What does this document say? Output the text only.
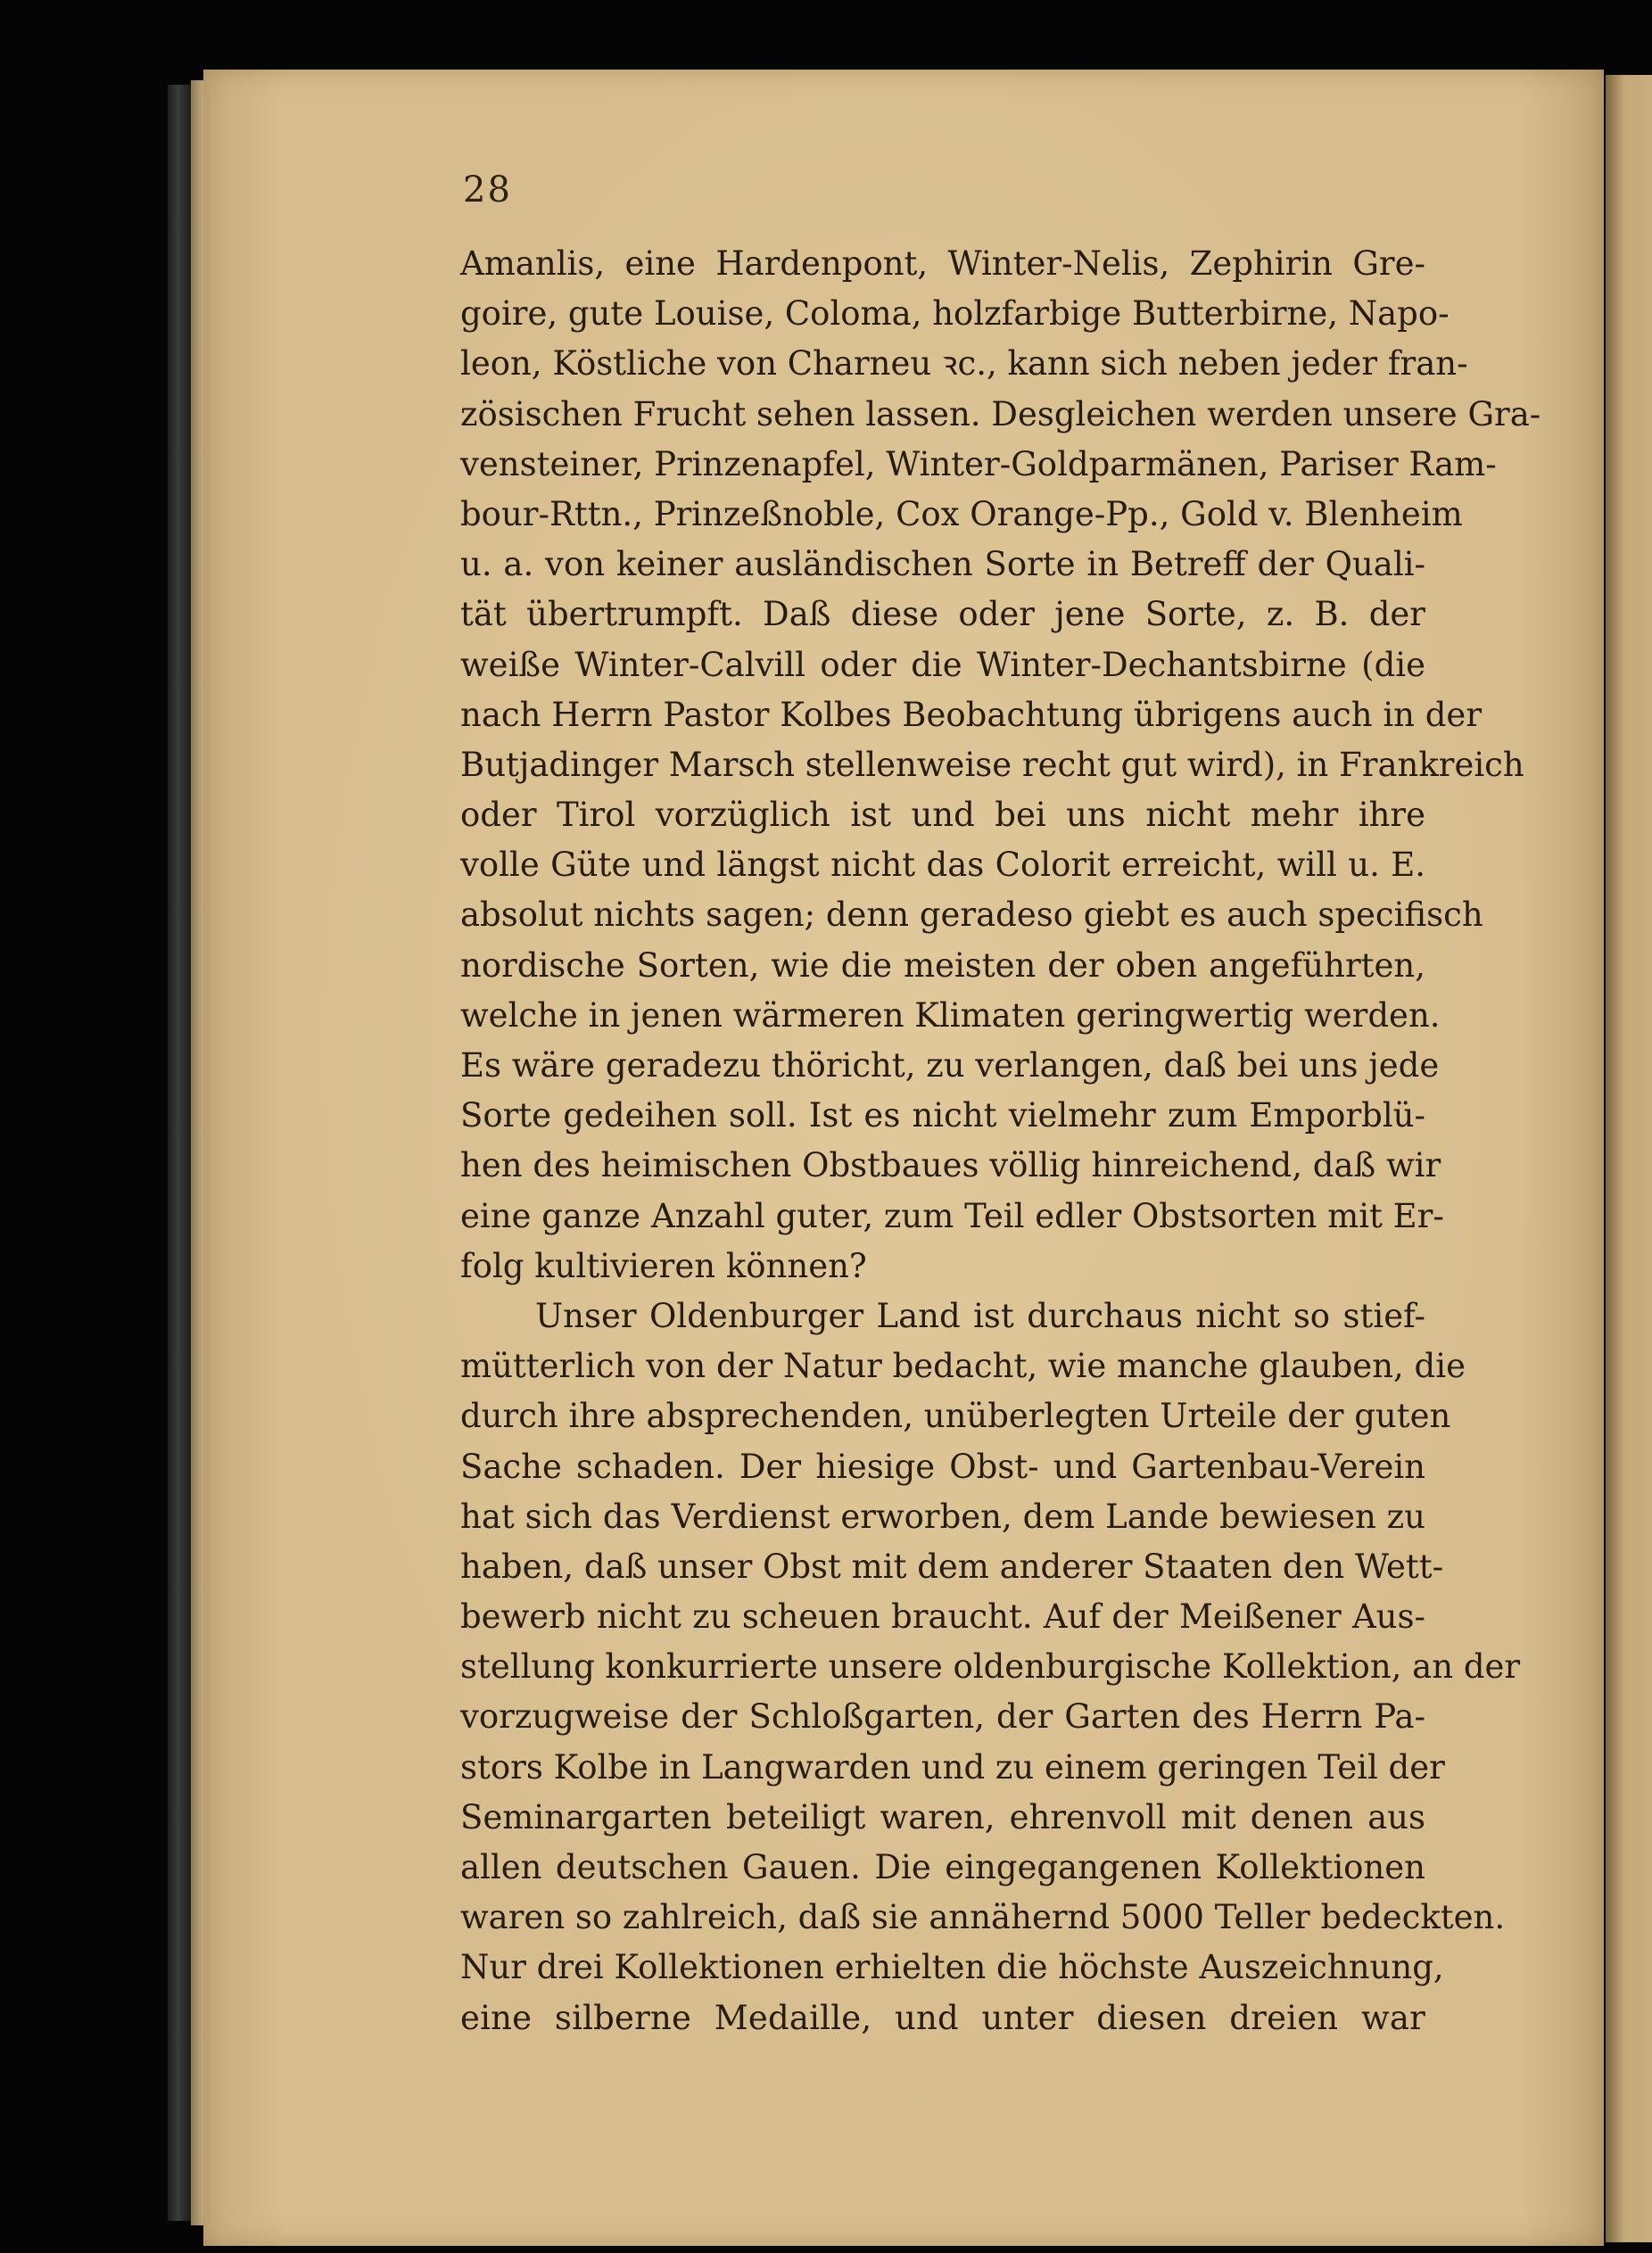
28
Amanlis, eine Hardenpont, Winter-Nelis, Zephirin Gre-
goire, gute Louise, Coloma, holzfarbige Butterbirne, Napo-
leon, Köstliche von Charneu ꝛc., kann sich neben jeder fran-
zösischen Frucht sehen lassen. Desgleichen werden unsere Gra-
vensteiner, Prinzenapfel, Winter-Goldparmänen, Pariser Ram-
bour-Rttn., Prinzeßnoble, Cox Orange-Pp., Gold v. Blenheim
u. a. von keiner ausländischen Sorte in Betreff der Quali-
tät übertrumpft. Daß diese oder jene Sorte, z. B. der
weiße Winter-Calvill oder die Winter-Dechantsbirne (die
nach Herrn Pastor Kolbes Beobachtung übrigens auch in der
Butjadinger Marsch stellenweise recht gut wird), in Frankreich
oder Tirol vorzüglich ist und bei uns nicht mehr ihre
volle Güte und längst nicht das Colorit erreicht, will u. E.
absolut nichts sagen; denn geradeso giebt es auch specifisch
nordische Sorten, wie die meisten der oben angeführten,
welche in jenen wärmeren Klimaten geringwertig werden.
Es wäre geradezu thöricht, zu verlangen, daß bei uns jede
Sorte gedeihen soll. Ist es nicht vielmehr zum Emporblü-
hen des heimischen Obstbaues völlig hinreichend, daß wir
eine ganze Anzahl guter, zum Teil edler Obstsorten mit Er-
folg kultivieren können?
Unser Oldenburger Land ist durchaus nicht so stief-
mütterlich von der Natur bedacht, wie manche glauben, die
durch ihre absprechenden, unüberlegten Urteile der guten
Sache schaden. Der hiesige Obst- und Gartenbau-Verein
hat sich das Verdienst erworben, dem Lande bewiesen zu
haben, daß unser Obst mit dem anderer Staaten den Wett-
bewerb nicht zu scheuen braucht. Auf der Meißener Aus-
stellung konkurrierte unsere oldenburgische Kollektion, an der
vorzugweise der Schloßgarten, der Garten des Herrn Pa-
stors Kolbe in Langwarden und zu einem geringen Teil der
Seminargarten beteiligt waren, ehrenvoll mit denen aus
allen deutschen Gauen. Die eingegangenen Kollektionen
waren so zahlreich, daß sie annähernd 5000 Teller bedeckten.
Nur drei Kollektionen erhielten die höchste Auszeichnung,
eine silberne Medaille, und unter diesen dreien war
